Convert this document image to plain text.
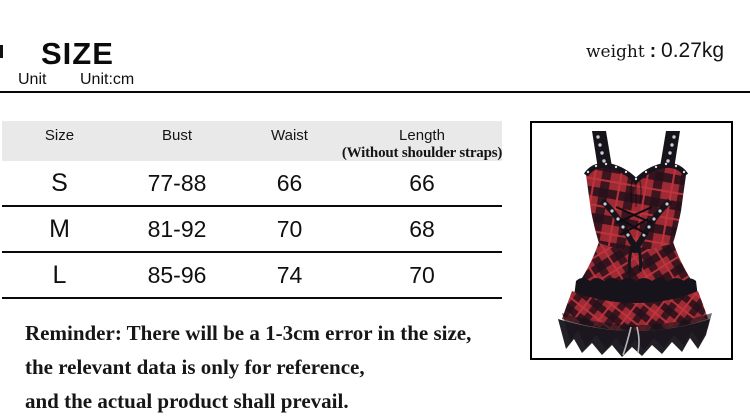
SIZE
Unit Unit:cm
weight : 0.27kg
Size	Bust	Waist	Length
(Without shoulder straps)
S	77-88	66	66
M	81-92	70	68
L	85-96	74	70
Reminder: There will be a 1-3cm error in the size,
the relevant data is only for reference,
and the actual product shall prevail.
